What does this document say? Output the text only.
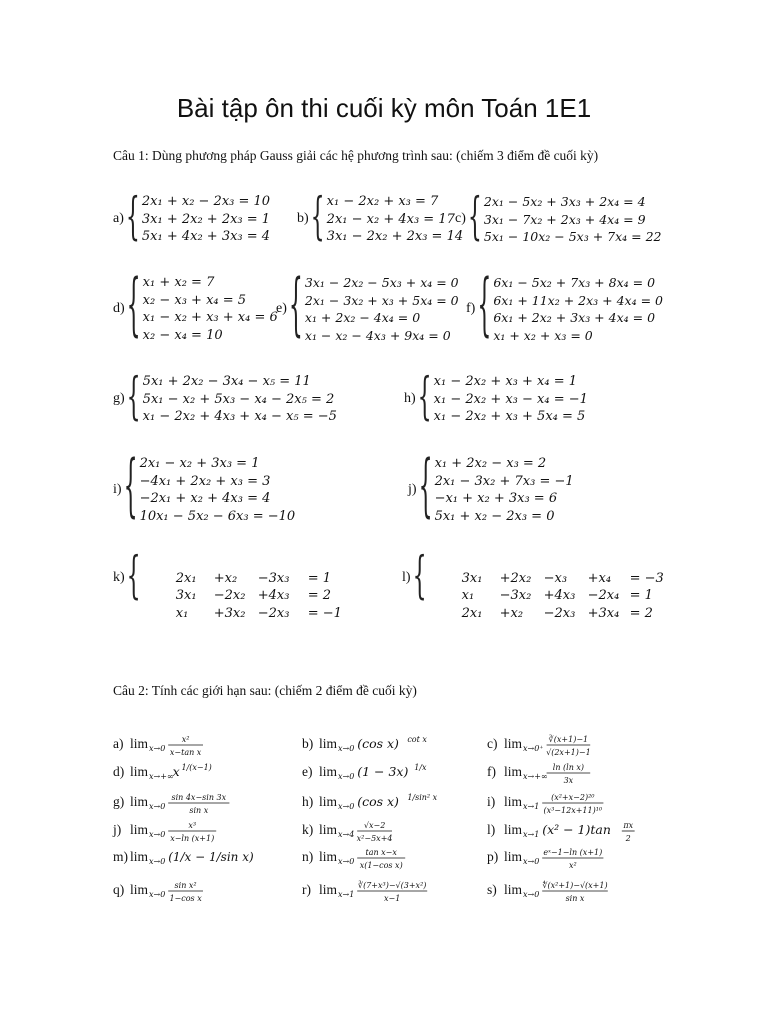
Bài tập ôn thi cuối kỳ môn Toán 1E1
Câu 1: Dùng phương pháp Gauss giải các hệ phương trình sau: (chiếm 3 điểm đề cuối kỳ)
a) { 2x₁ + x₂ − 2x₃ = 10
3x₁ + 2x₂ + 2x₃ = 1
5x₁ + 4x₂ + 3x₃ = 4
b) { x₁ − 2x₂ + x₃ = 7
2x₁ − x₂ + 4x₃ = 17
3x₁ − 2x₂ + 2x₃ = 14
c) { 2x₁ − 5x₂ + 3x₃ + 2x₄ = 4
3x₁ − 7x₂ + 2x₃ + 4x₄ = 9
5x₁ − 10x₂ − 5x₃ + 7x₄ = 22
d) { x₁ + x₂ = 7
x₂ − x₃ + x₄ = 5
x₁ − x₂ + x₃ + x₄ = 6
x₂ − x₄ = 10
e) { 3x₁ − 2x₂ − 5x₃ + x₄ = 0
2x₁ − 3x₂ + x₃ + 5x₄ = 0
x₁ + 2x₂ − 4x₄ = 0
x₁ − x₂ − 4x₃ + 9x₄ = 0
f) { 6x₁ − 5x₂ + 7x₃ + 8x₄ = 0
6x₁ + 11x₂ + 2x₃ + 4x₄ = 0
6x₁ + 2x₂ + 3x₃ + 4x₄ = 0
x₁ + x₂ + x₃ = 0
g) { 5x₁ + 2x₂ − 3x₄ − x₅ = 11
5x₁ − x₂ + 5x₃ − x₄ − 2x₅ = 2
x₁ − 2x₂ + 4x₃ + x₄ − x₅ = −5
h) { x₁ − 2x₂ + x₃ + x₄ = 1
x₁ − 2x₂ + x₃ − x₄ = −1
x₁ − 2x₂ + x₃ + 5x₄ = 5
i) { 2x₁ − x₂ + 3x₃ = 1
−4x₁ + 2x₂ + x₃ = 3
−2x₁ + x₂ + 4x₃ = 4
10x₁ − 5x₂ − 6x₃ = −10
j) { x₁ + 2x₂ − x₃ = 2
2x₁ − 3x₂ + 7x₃ = −1
−x₁ + x₂ + 3x₃ = 6
5x₁ + x₂ − 2x₃ = 0
k) {	2x₁ +x₂ −3x₃ = 1

3x₁ −2x₂ +4x₃ = 2

x₁ +3x₂ −2x₃ = −1

l) {	3x₁ +2x₂ −x₃ +x₄ = −3

x₁ −3x₂ +4x₃ −2x₄ = 1

2x₁ +x₂ −2x₃ +3x₄ = 2

Câu 2: Tính các giới hạn sau: (chiếm 2 điểm đề cuối kỳ)
a) lim x→0
x²
x−tan x
b) lim x→0 (cos x) cot x	c) lim x→0⁺
∛(x+1)−1
√(2x+1)−1
d) lim x→+∞ x 1/(x−1)	e) lim x→0 (1 − 3x) 1/x	f) lim x→+∞
ln (ln x)
3x
g) lim x→0
sin 4x−sin 3x
sin x
h) lim x→0 (cos x) 1/sin² x	i) lim x→1
(x²+x−2)²⁰
(x³−12x+11)¹⁰
j) lim x→0
x³
x−ln (x+1)
k) lim x→4
√x−2
x²−5x+4
l) lim x→1 (x² − 1)tan πx
2
m) lim x→0 (1/x − 1/sin x)	n) lim x→0
tan x−x
x(1−cos x)
p) lim x→0
eˣ−1−ln (x+1)
x²
q) lim x→0
sin x²
1−cos x
r) lim x→1
∛(7+x³)−√(3+x²)
x−1
s) lim x→0
∜(x²+1)−√(x+1)
sin x
